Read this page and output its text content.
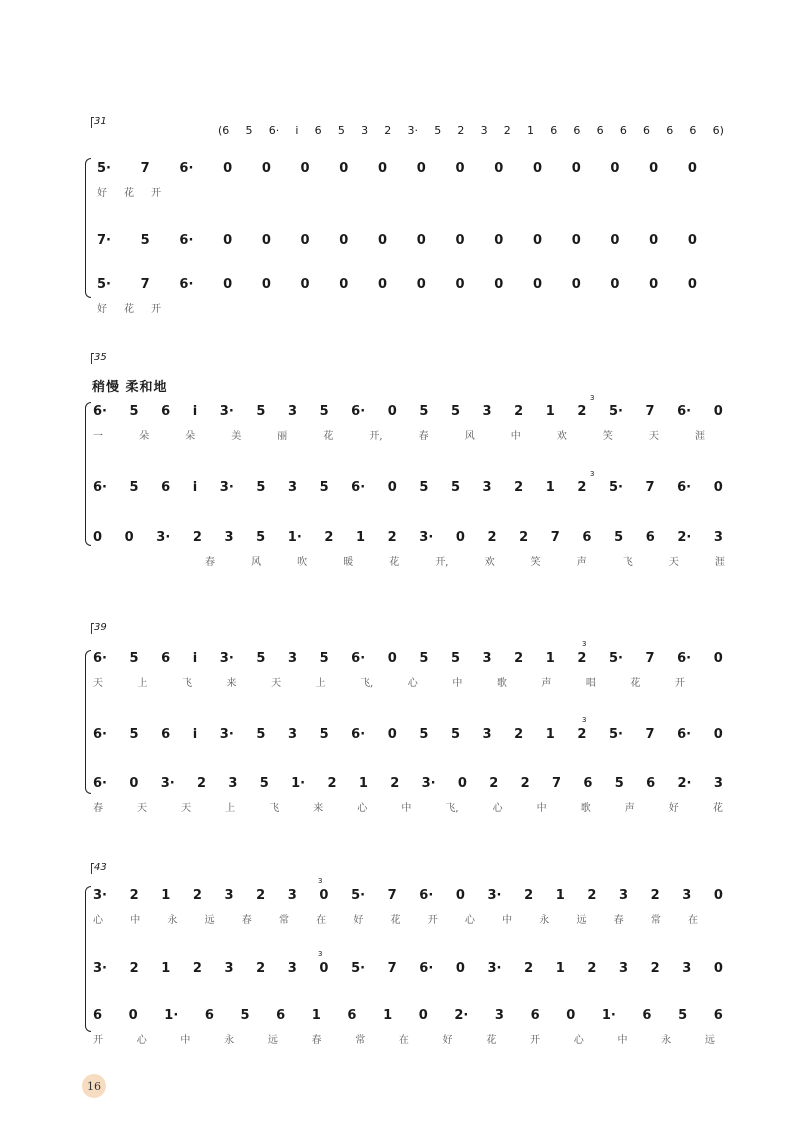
31
(6 5 6· i 6 5 3 2 3· 5 2 3 2 1 6 6 6 6 6 6 6 6)
5· 7 6· 0 0 0 0 0 0 0 0 0 0 0 0 0
好 花 开
7· 5 6· 0 0 0 0 0 0 0 0 0 0 0 0 0
5· 7 6· 0 0 0 0 0 0 0 0 0 0 0 0 0
好 花 开
35
稍慢 柔和地
3
6· 5 6 i 3· 5 3 5 6· 0 5 5 3 2 1 2 5· 7 6· 0
一	朵	朵	美	丽	花	开,	春	风	中	欢	笑	天	涯
3
6· 5 6 i 3· 5 3 5 6· 0 5 5 3 2 1 2 5· 7 6· 0
0 0 3· 2 3 5 1· 2 1 2 3· 0 2 2 7 6 5 6 2· 3
春	风	吹	暖	花	开,	欢	笑	声	飞	天	涯
39
3
6· 5 6 i 3· 5 3 5 6· 0 5 5 3 2 1 2 5· 7 6· 0
天	上	飞	来	天	上	飞,	心	中	歌	声	唱	花	开
3
6· 5 6 i 3· 5 3 5 6· 0 5 5 3 2 1 2 5· 7 6· 0
6· 0 3· 2 3 5 1· 2 1 2 3· 0 2 2 7 6 5 6 2· 3
春	天	天	上	飞	来	心	中	飞,	心	中	歌	声	好	花
43
3
3· 2 1 2 3 2 3 0 5· 7 6· 0 3· 2 1 2 3 2 3 0
心	中	永	远	春	常	在	好	花	开	心	中	永	远	春	常	在
3
3· 2 1 2 3 2 3 0 5· 7 6· 0 3· 2 1 2 3 2 3 0
6 0 1· 6 5 6 1 6 1 0 2· 3 6 0 1· 6 5 6
开	心	中	永	远	春	常	在	好	花	开	心	中	永	远
16
